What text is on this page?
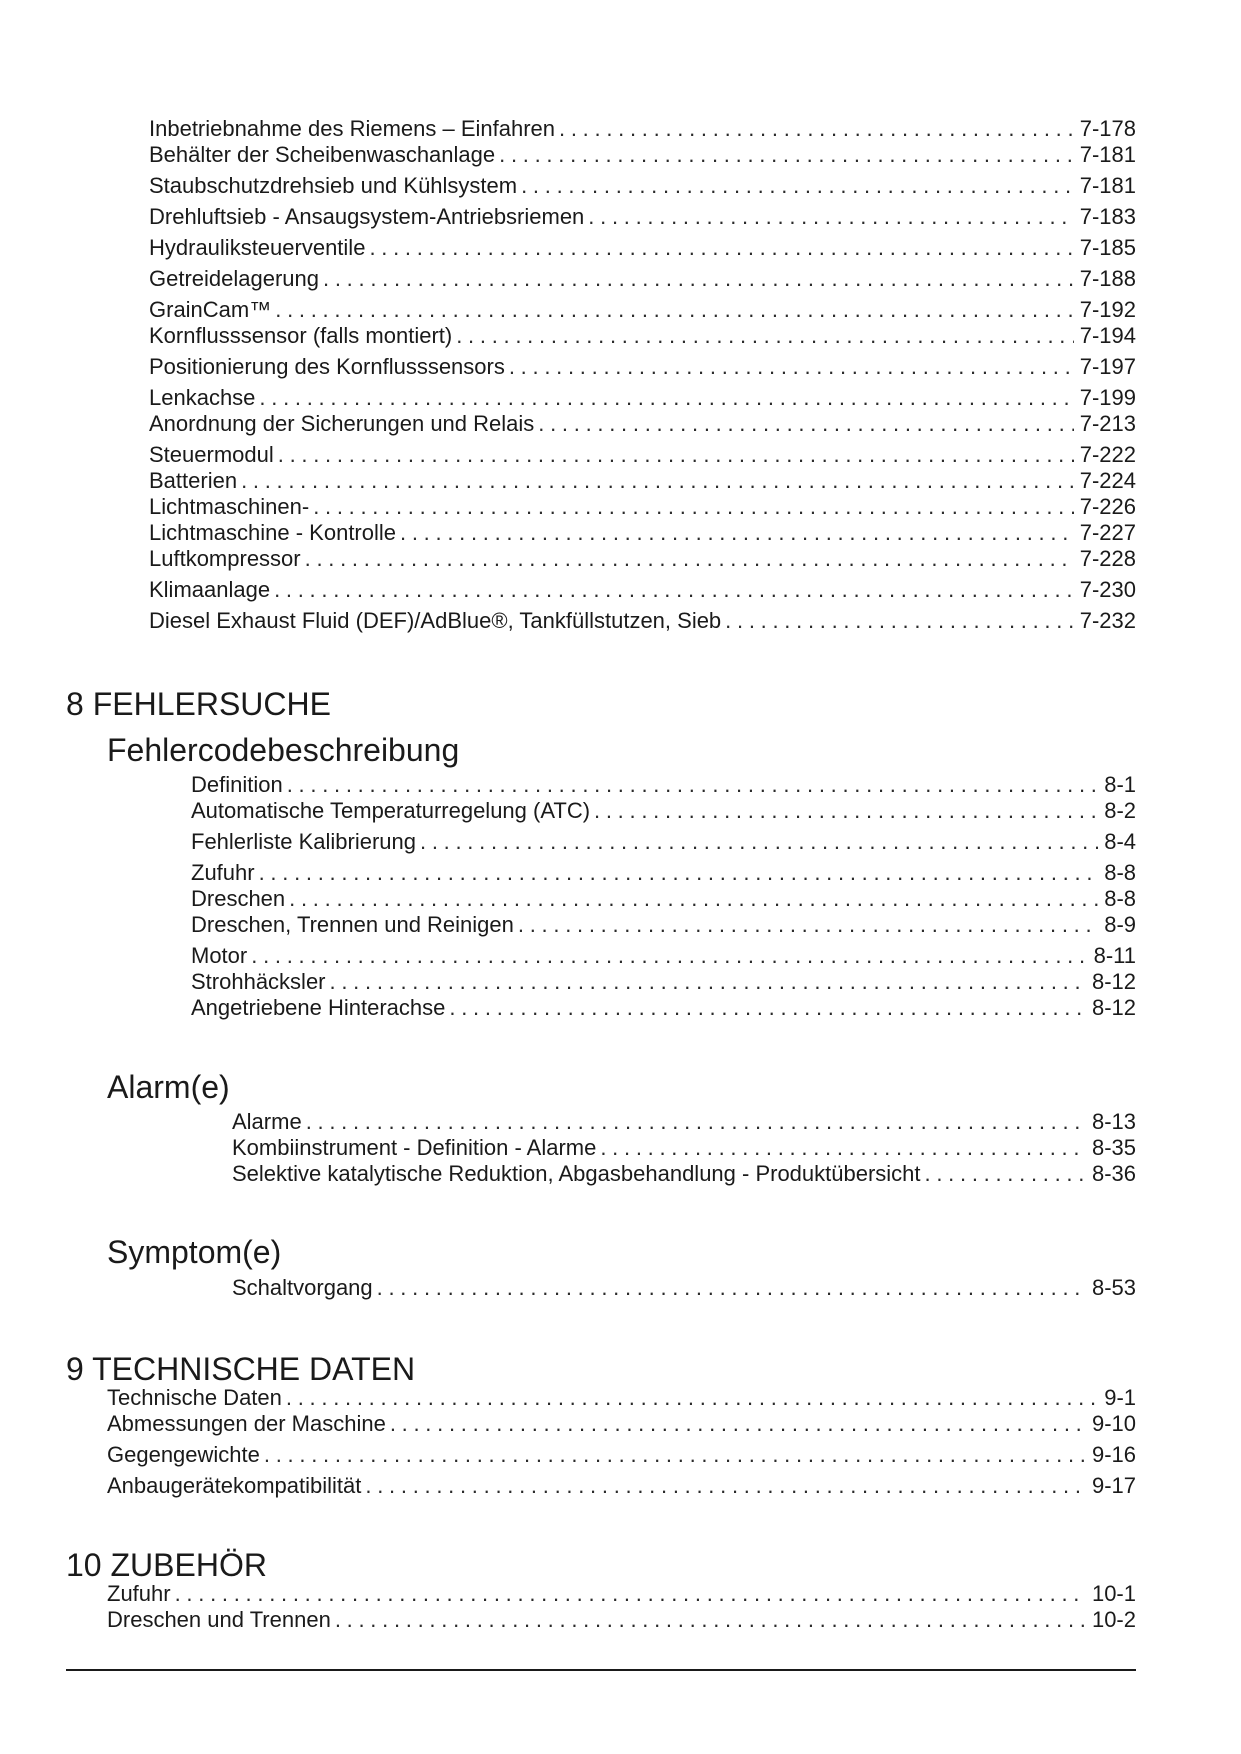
Inbetriebnahme des Riemens – Einfahren . . .	7-178
Behälter der Scheibenwaschanlage . . .	7-181
Staubschutzdrehsieb und Kühlsystem . . .	7-181
Drehluftsieb - Ansaugsystem-Antriebsriemen . . .	7-183
Hydrauliksteuerventile . . .	7-185
Getreidelagerung . . .	7-188
GrainCam™ . . .	7-192
Kornflusssensor (falls montiert) . . .	7-194
Positionierung des Kornflusssensors . . .	7-197
Lenkachse . . .	7-199
Anordnung der Sicherungen und Relais . . .	7-213
Steuermodul . . .	7-222
Batterien . . .	7-224
Lichtmaschinen- . . .	7-226
Lichtmaschine - Kontrolle . . .	7-227
Luftkompressor . . .	7-228
Klimaanlage . . .	7-230
Diesel Exhaust Fluid (DEF)/AdBlue®, Tankfüllstutzen, Sieb . . .	7-232
8 FEHLERSUCHE
Fehlercodebeschreibung
Definition . . .	8-1
Automatische Temperaturregelung (ATC) . . .	8-2
Fehlerliste Kalibrierung . . .	8-4
Zufuhr . . .	8-8
Dreschen . . .	8-8
Dreschen, Trennen und Reinigen . . .	8-9
Motor . . .	8-11
Strohhäcksler . . .	8-12
Angetriebene Hinterachse . . .	8-12
Alarm(e)
Alarme . . .	8-13
Kombiinstrument - Definition - Alarme . . .	8-35
Selektive katalytische Reduktion, Abgasbehandlung - Produktübersicht . . .	8-36
Symptom(e)
Schaltvorgang . . .	8-53
9 TECHNISCHE DATEN
Technische Daten . . .	9-1
Abmessungen der Maschine . . .	9-10
Gegengewichte . . .	9-16
Anbaugerätekompatibilität . . .	9-17
10 ZUBEHÖR
Zufuhr . . .	10-1
Dreschen und Trennen . . .	10-2
